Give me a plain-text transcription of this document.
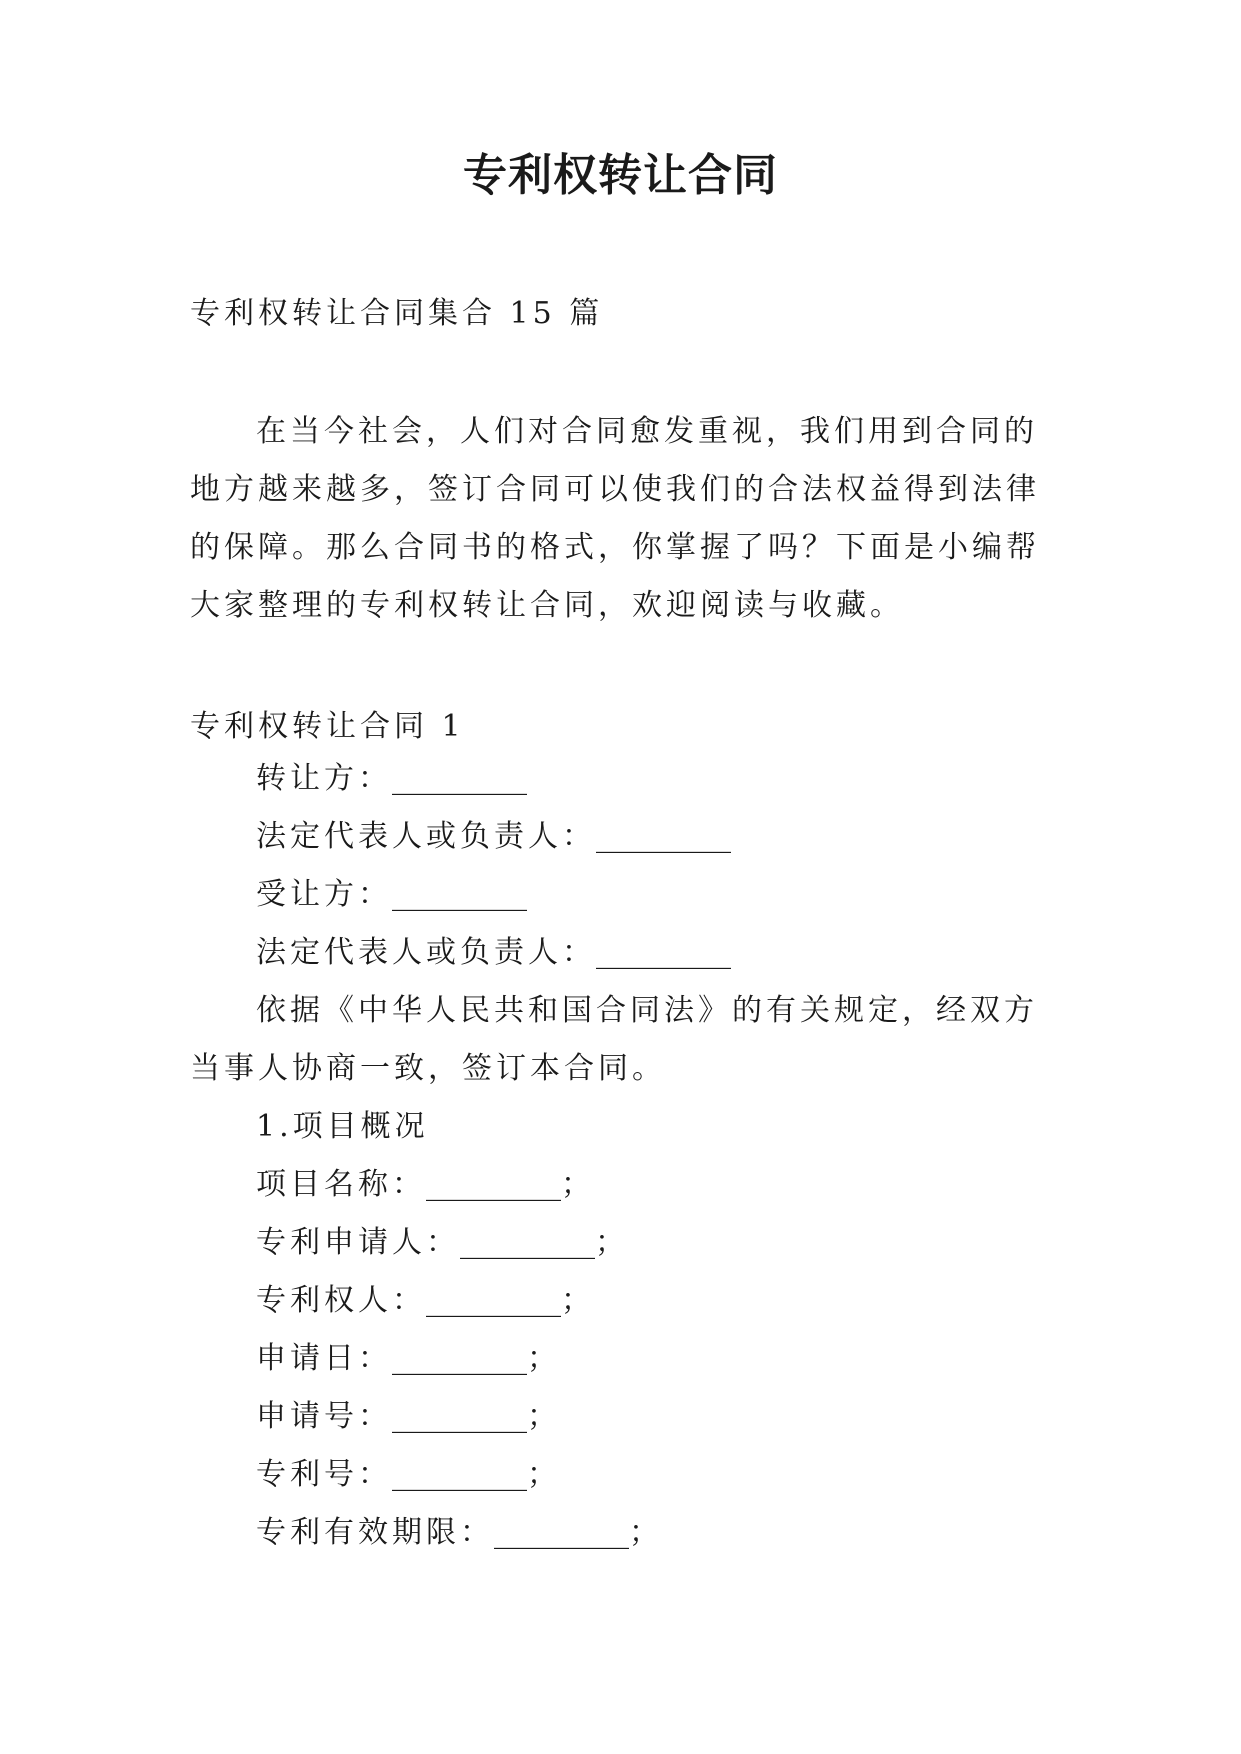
专利权转让合同
专利权转让合同集合 15 篇
在当今社会，人们对合同愈发重视，我们用到合同的地方越来越多，签订合同可以使我们的合法权益得到法律的保障。那么合同书的格式，你掌握了吗？下面是小编帮大家整理的专利权转让合同，欢迎阅读与收藏。
专利权转让合同 1
转让方：_________
法定代表人或负责人：_________
受让方：_________
法定代表人或负责人：_________
依据《中华人民共和国合同法》的有关规定，经双方当事人协商一致，签订本合同。
1.项目概况
项目名称：_________；
专利申请人：_________；
专利权人：_________；
申请日：_________；
申请号：_________；
专利号：_________；
专利有效期限：_________；
